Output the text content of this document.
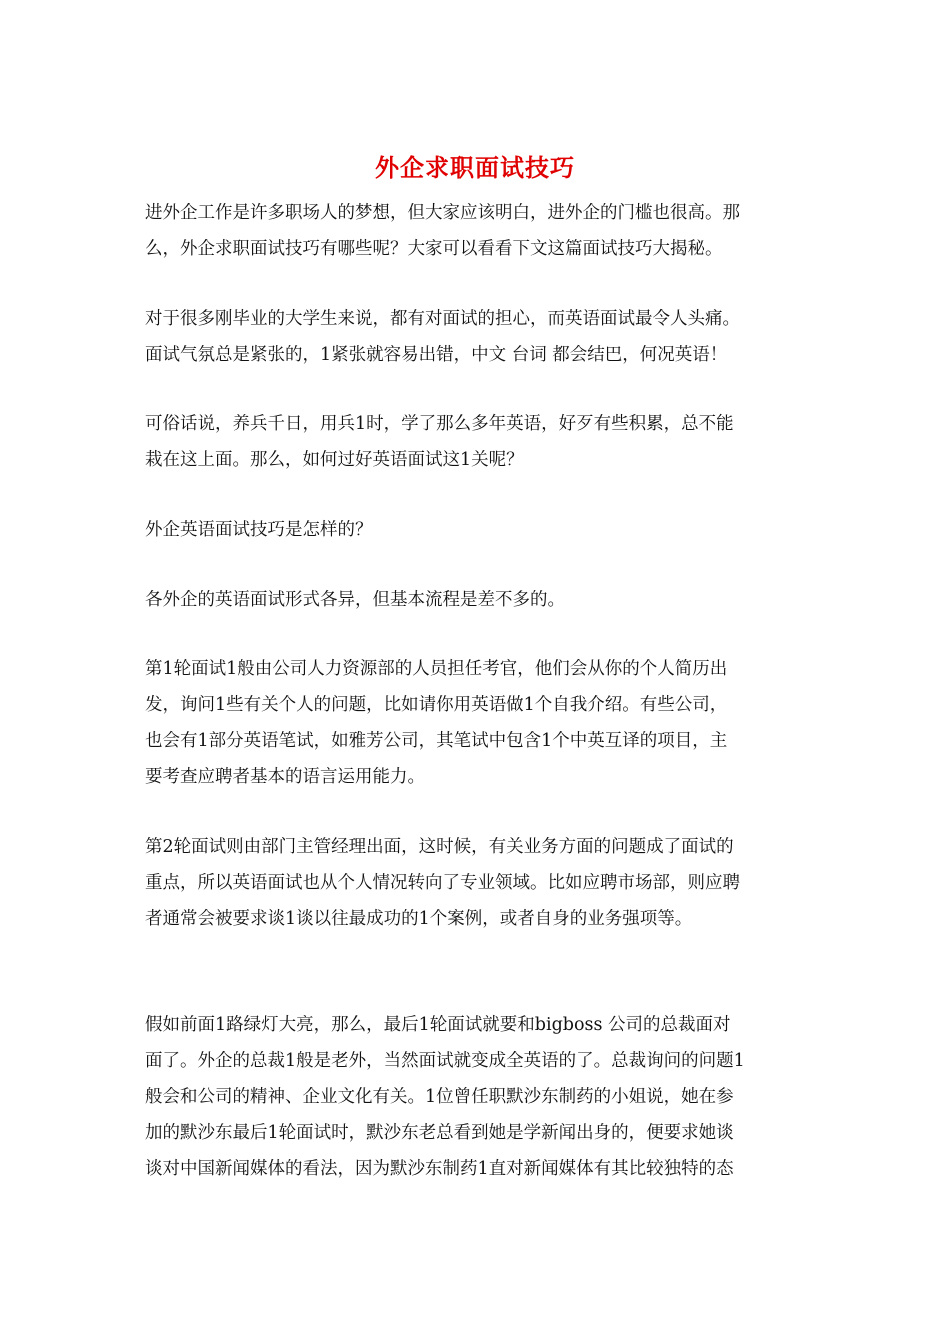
外企求职面试技巧

进外企工作是许多职场人的梦想，但大家应该明白，进外企的门槛也很高。那

么，外企求职面试技巧有哪些呢？大家可以看看下文这篇面试技巧大揭秘。

对于很多刚毕业的大学生来说，都有对面试的担心，而英语面试最令人头痛。

面试气氛总是紧张的，1紧张就容易出错，中文 台词 都会结巴，何况英语！

可俗话说，养兵千日，用兵1时，学了那么多年英语，好歹有些积累，总不能

栽在这上面。那么，如何过好英语面试这1关呢？

外企英语面试技巧是怎样的？

各外企的英语面试形式各异，但基本流程是差不多的。

第1轮面试1般由公司人力资源部的人员担任考官，他们会从你的个人简历出

发，询问1些有关个人的问题，比如请你用英语做1个自我介绍。有些公司，

也会有1部分英语笔试，如雅芳公司，其笔试中包含1个中英互译的项目，主

要考查应聘者基本的语言运用能力。

第2轮面试则由部门主管经理出面，这时候，有关业务方面的问题成了面试的

重点，所以英语面试也从个人情况转向了专业领域。比如应聘市场部，则应聘

者通常会被要求谈1谈以往最成功的1个案例，或者自身的业务强项等。

假如前面1路绿灯大亮，那么，最后1轮面试就要和bigboss 公司的总裁面对

面了。外企的总裁1般是老外，当然面试就变成全英语的了。总裁询问的问题1

般会和公司的精神、企业文化有关。1位曾任职默沙东制药的小姐说，她在参

加的默沙东最后1轮面试时，默沙东老总看到她是学新闻出身的，便要求她谈

谈对中国新闻媒体的看法，因为默沙东制药1直对新闻媒体有其比较独特的态
